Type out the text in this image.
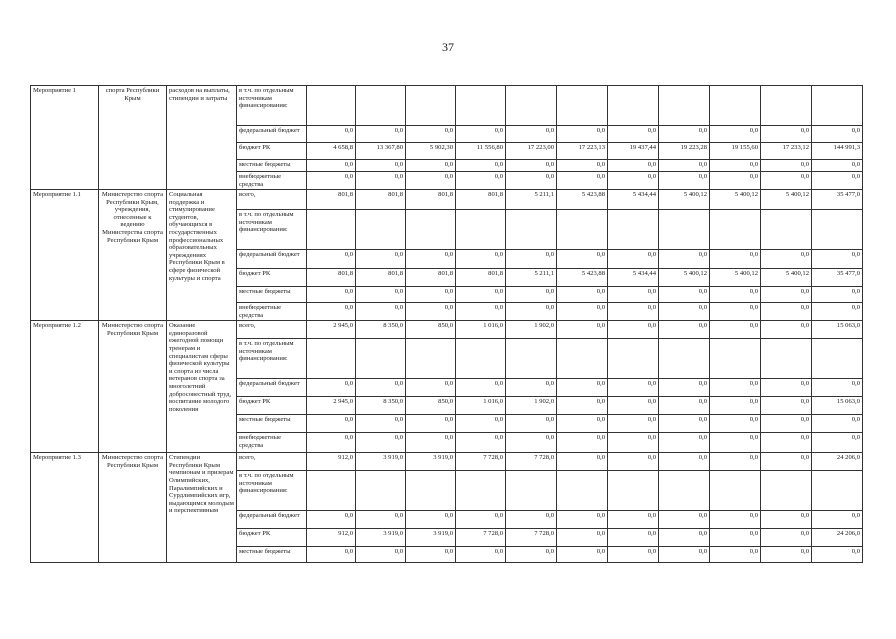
37
Мероприятие 1	спорта Республики Крым	расходов на выплаты, стипендии и затраты	в т.ч. по отдельным источникам финансирования:											
			федеральный бюджет	0,0	0,0	0,0	0,0	0,0	0,0	0,0	0,0	0,0	0,0	0,0
			бюджет РК	4 658,8	13 367,80	5 902,30	11 556,80	17 223,00	17 223,13	19 437,44	19 223,28	19 155,60	17 233,12	144 991,3
			местные бюджеты	0,0	0,0	0,0	0,0	0,0	0,0	0,0	0,0	0,0	0,0	0,0
			внебюджетные средства	0,0	0,0	0,0	0,0	0,0	0,0	0,0	0,0	0,0	0,0	0,0
Мероприятие 1.1	Министерство спорта Республики Крым, учреждения, отнесенные к ведению Министерства спорта Республики Крым	Социальная поддержка и стимулирование студентов, обучающихся в государственных профессиональных образовательных учреждениях Республики Крым в сфере физической культуры и спорта	всего,	801,8	801,8	801,8	801,8	5 211,1	5 423,88	5 434,44	5 400,12	5 400,12	5 400,12	35 477,0
			в т.ч. по отдельным источникам финансирования:											
			федеральный бюджет	0,0	0,0	0,0	0,0	0,0	0,0	0,0	0,0	0,0	0,0	0,0
			бюджет РК	801,8	801,8	801,8	801,8	5 211,1	5 423,88	5 434,44	5 400,12	5 400,12	5 400,12	35 477,0
			местные бюджеты	0,0	0,0	0,0	0,0	0,0	0,0	0,0	0,0	0,0	0,0	0,0
			внебюджетные средства	0,0	0,0	0,0	0,0	0,0	0,0	0,0	0,0	0,0	0,0	0,0
Мероприятие 1.2	Министерство спорта Республики Крым	Оказание единоразовой ежегодной помощи тренерам и специалистам сферы физической культуры и спорта из числа ветеранов спорта за многолетний добросовестный труд, воспитание молодого поколения	всего,	2 945,0	8 350,0	850,0	1 016,0	1 902,0	0,0	0,0	0,0	0,0	0,0	15 063,0
			в т.ч. по отдельным источникам финансирования:											
			федеральный бюджет	0,0	0,0	0,0	0,0	0,0	0,0	0,0	0,0	0,0	0,0	0,0
			бюджет РК	2 945,0	8 350,0	850,0	1 016,0	1 902,0	0,0	0,0	0,0	0,0	0,0	15 063,0
			местные бюджеты	0,0	0,0	0,0	0,0	0,0	0,0	0,0	0,0	0,0	0,0	0,0
			внебюджетные средства	0,0	0,0	0,0	0,0	0,0	0,0	0,0	0,0	0,0	0,0	0,0
Мероприятие 1.3	Министерство спорта Республики Крым	Стипендии Республики Крым чемпионам и призерам Олимпийских, Паралимпийских и Сурдлимпийских игр, выдающимся молодым и перспективным	всего,	912,0	3 919,0	3 919,0	7 728,0	7 728,0	0,0	0,0	0,0	0,0	0,0	24 206,0
			в т.ч. по отдельным источникам финансирования:											
			федеральный бюджет	0,0	0,0	0,0	0,0	0,0	0,0	0,0	0,0	0,0	0,0	0,0
			бюджет РК	912,0	3 919,0	3 919,0	7 728,0	7 728,0	0,0	0,0	0,0	0,0	0,0	24 206,0
			местные бюджеты	0,0	0,0	0,0	0,0	0,0	0,0	0,0	0,0	0,0	0,0	0,0
